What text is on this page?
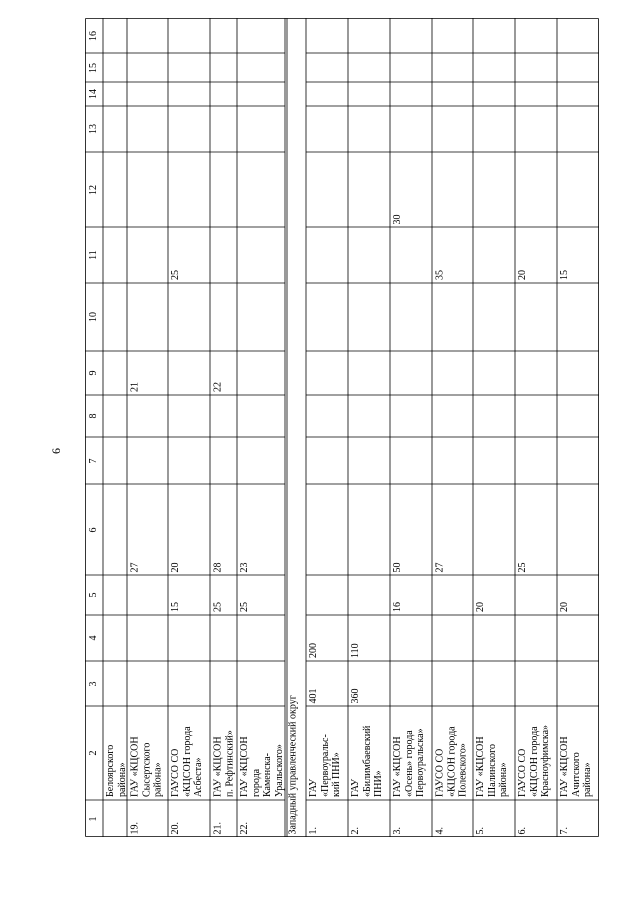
6
1
2
3
4
5
6
7
8
9
10
11
12
13
14
15
16
Западный управленческий округ
Белоярского
района»
19.
ГАУ «КЦСОН
Сысертского
района»
27
21
20.
ГАУСО СО
«КЦСОН города
Асбеста»
15
20
25
21.
ГАУ «КЦСОН
п. Рефтинский»
25
28
22
22.
ГАУ «КЦСОН
города
Каменска-
Уральского»
25
23
1.
ГАУ
«Первоуральс-
кий ПНИ»
401
200
2.
ГАУ
«Билимбаевский
ПНИ»
360
110
3.
ГАУ «КЦСОН
«Осень» города
Первоуральска»
16
50
30
4.
ГАУСО СО
«КЦСОН города
Полевского»
27
35
5.
ГАУ «КЦСОН
Шалинского
района»
20
6.
ГАУСО СО
«КЦСОН города
Красноуфимска»
25
20
7.
ГАУ «КЦСОН
Ачитского
района»
20
15
